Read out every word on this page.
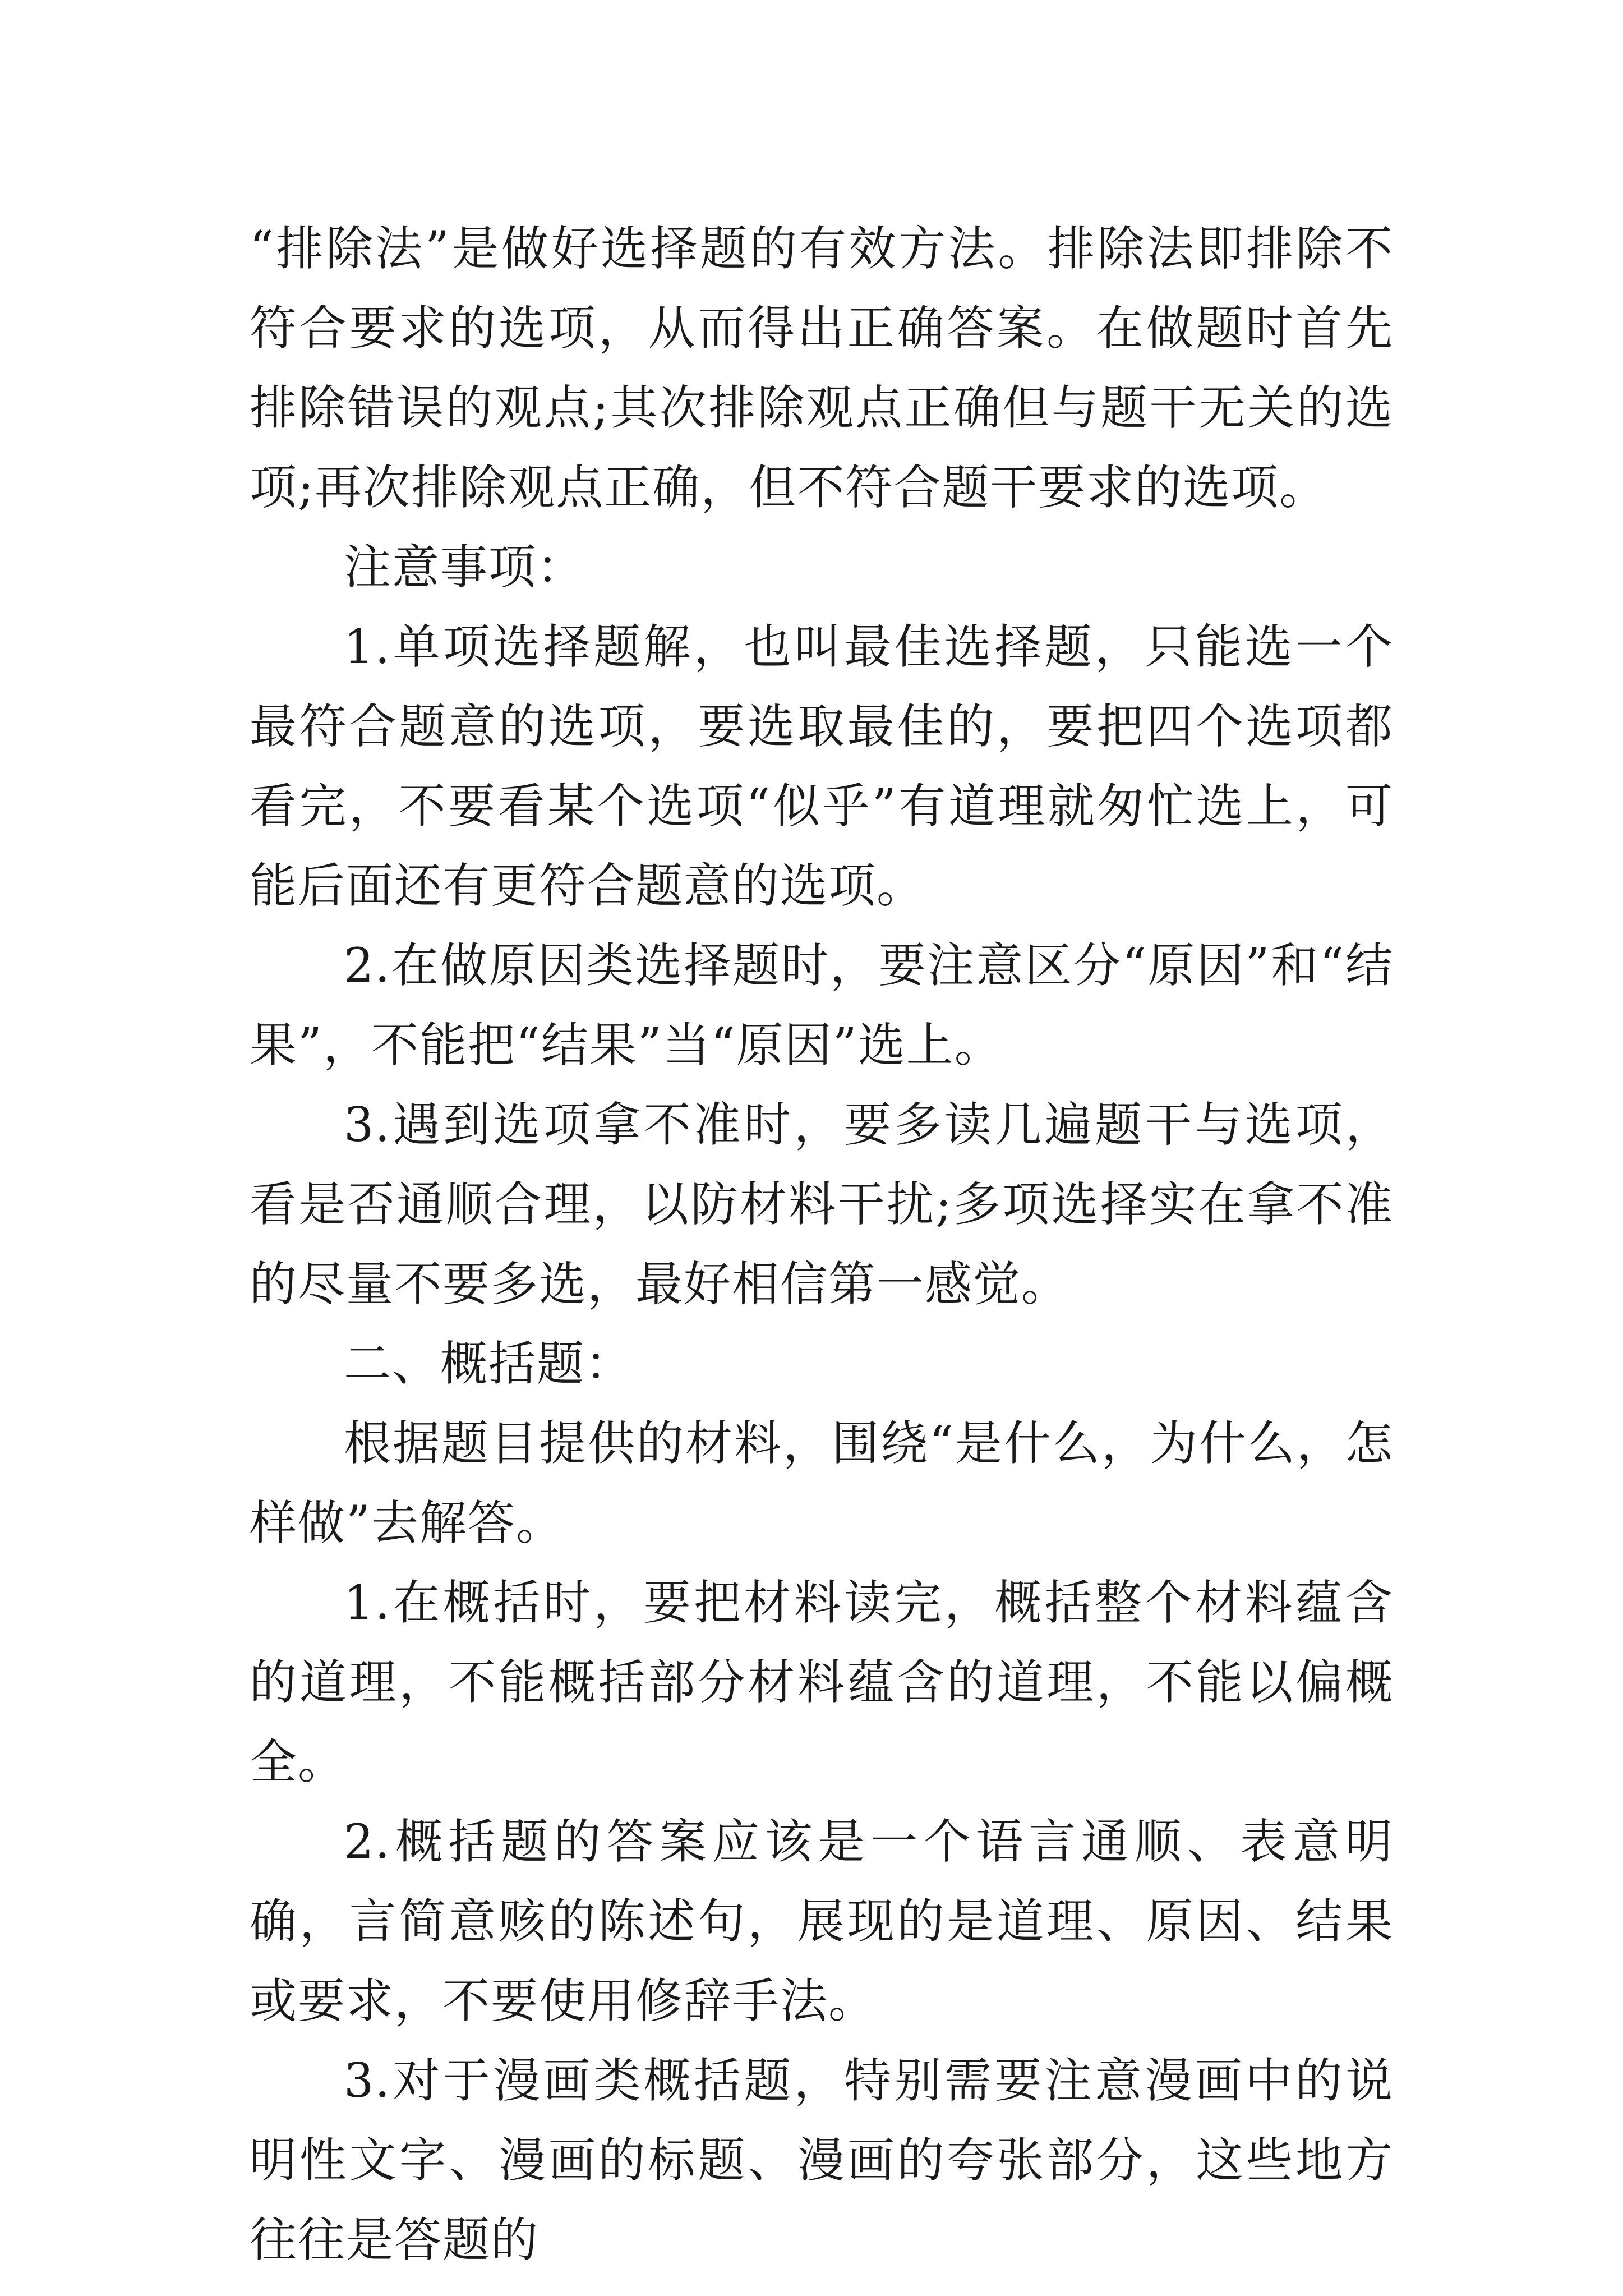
“排除法”是做好选择题的有效方法。排除法即排除不符合要求的选项，从而得出正确答案。在做题时首先排除错误的观点;其次排除观点正确但与题干无关的选项;再次排除观点正确，但不符合题干要求的选项。

注意事项：

1.单项选择题解，也叫最佳选择题，只能选一个最符合题意的选项，要选取最佳的，要把四个选项都看完，不要看某个选项“似乎”有道理就匆忙选上，可能后面还有更符合题意的选项。

2.在做原因类选择题时，要注意区分“原因”和“结果”，不能把“结果”当“原因”选上。

3.遇到选项拿不准时，要多读几遍题干与选项，看是否通顺合理，以防材料干扰;多项选择实在拿不准的尽量不要多选，最好相信第一感觉。

二、概括题：

根据题目提供的材料，围绕“是什么，为什么，怎样做”去解答。

1.在概括时，要把材料读完，概括整个材料蕴含的道理，不能概括部分材料蕴含的道理，不能以偏概全。

2.概括题的答案应该是一个语言通顺、表意明确，言简意赅的陈述句，展现的是道理、原因、结果或要求，不要使用修辞手法。

3.对于漫画类概括题，特别需要注意漫画中的说明性文字、漫画的标题、漫画的夸张部分，这些地方往往是答题的
